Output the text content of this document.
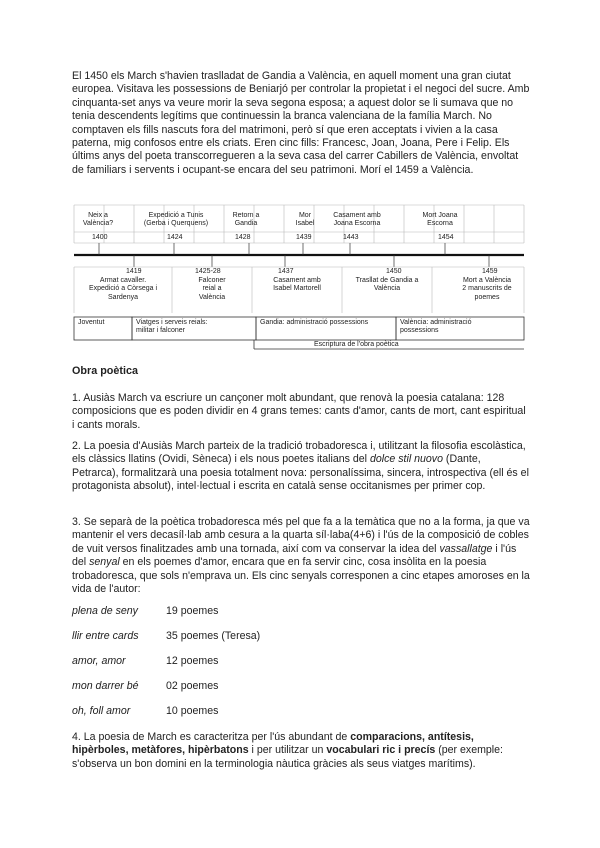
El 1450 els March s'havien traslladat de Gandia a València, en aquell moment una gran ciutat europea. Visitava les possessions de Beniarjó per controlar la propietat i el negoci del sucre. Amb cinquanta-set anys va veure morir la seva segona esposa; a aquest dolor se li sumava que no tenia descendents legítims que continuessin la branca valenciana de la família March. No comptaven els fills nascuts fora del matrimoni, però sí que eren acceptats i vivien a la casa paterna, mig confosos entre els criats. Eren cinc fills: Francesc, Joan, Joana, Pere i Felip. Els últims anys del poeta transcorregueren a la seva casa del carrer Cabillers de València, envoltat de familiars i servents i ocupant-se encara del seu patrimoni. Morí el 1459 a València.

Neix a
València?
Expedició a Tunis
(Gerba i Querquens)
Retorn a
Gandia
Mor
Isabel
Casament amb
Joana Escorna
Mort Joana
Escorna
1400	1424	1428	1439	1443	1454
1419	1425-28	1437	1450	1459
Armat cavaller.
Expedició a Còrsega i
Sardenya
Falconer
reial a
València
Casament amb
Isabel Martorell
Trasllat de Gandia a
València
Mort a València
2 manuscrits de
poemes
Joventut	Viatges i serveis reials:
militar i falconer
Gandia: administració possessions	València: administració
possessions
Escriptura de l'obra poètica

Obra poètica

1. Ausiàs March va escriure un cançoner molt abundant, que renovà la poesia catalana: 128 composicions que es poden dividir en 4 grans temes: cants d'amor, cants de mort, cant espiritual i cants morals.

2. La poesia d'Ausiàs March parteix de la tradició trobadoresca i, utilitzant la filosofia escolàstica, els clàssics llatins (Ovidi, Sèneca) i els nous poetes italians del dolce stil nuovo (Dante, Petrarca), formalitzarà una poesia totalment nova: personalíssima, sincera, introspectiva (ell és el protagonista absolut), intel·lectual i escrita en català sense occitanismes per primer cop.

3. Se separà de la poètica trobadoresca més pel que fa a la temàtica que no a la forma, ja que va mantenir el vers decasíl·lab amb cesura a la quarta síl·laba(4+6) i l'ús de la composició de cobles de vuit versos finalitzades amb una tornada, així com va conservar la idea del vassallatge i l'ús del senyal en els poemes d'amor, encara que en fa servir cinc, cosa insòlita en la poesia trobadoresca, que sols n'emprava un. Els cinc senyals corresponen a cinc etapes amoroses en la vida de l'autor:

plena de seny	19 poemes
llir entre cards	35 poemes (Teresa)
amor, amor	12 poemes
mon darrer bé	02 poemes
oh, foll amor	10 poemes

4. La poesia de March es caracteritza per l'ús abundant de comparacions, antítesis, hipèrboles, metàfores, hipèrbatons i per utilitzar un vocabulari ric i precís (per exemple: s'observa un bon domini en la terminologia nàutica gràcies als seus viatges marítims).
